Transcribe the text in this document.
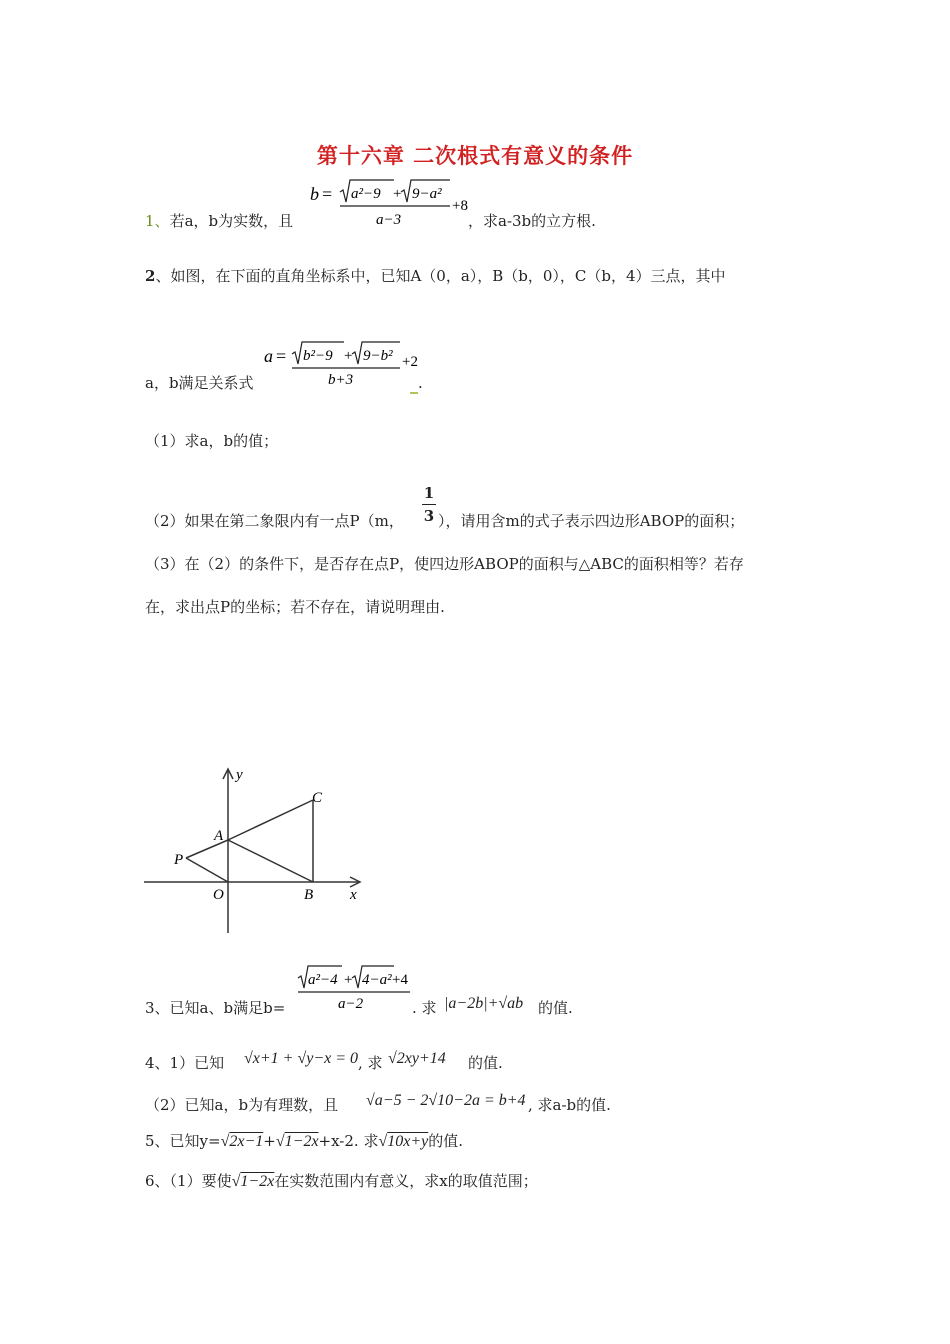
第十六章 二次根式有意义的条件
1、若a，b为实数，且
b = a²−9 + 9−a²
+8
a−3	，求a-3b的立方根.
2、如图，在下面的直角坐标系中，已知A（0，a），B（b，0），C（b，4）三点，其中
a，b满足关系式
a = b²−9 + 9−b² +2
b+3	.
（1）求a，b的值；
（2）如果在第二象限内有一点P（m，
1
3 ），请用含m的式子表示四边形ABOP的面积；
（3）在（2）的条件下，是否存在点P，使四边形ABOP的面积与△ABC的面积相等？若存
在，求出点P的坐标；若不存在，请说明理由.
y
C
A
P
O	B x
3、已知a、b满足b=
a²−4 + 4−a² +4
a−2	. 求 |a−2b|+√ab 的值.
4、1）已知 √x+1 + √y−x = 0 , 求 √2xy+14 的值.
（2）已知a，b为有理数，且 √a−5 − 2√10−2a = b+4 , 求a-b的值.
5、已知y=√2x−1+√1−2x+x-2. 求√10x+y的值.
6、（1）要使√1−2x在实数范围内有意义，求x的取值范围；
